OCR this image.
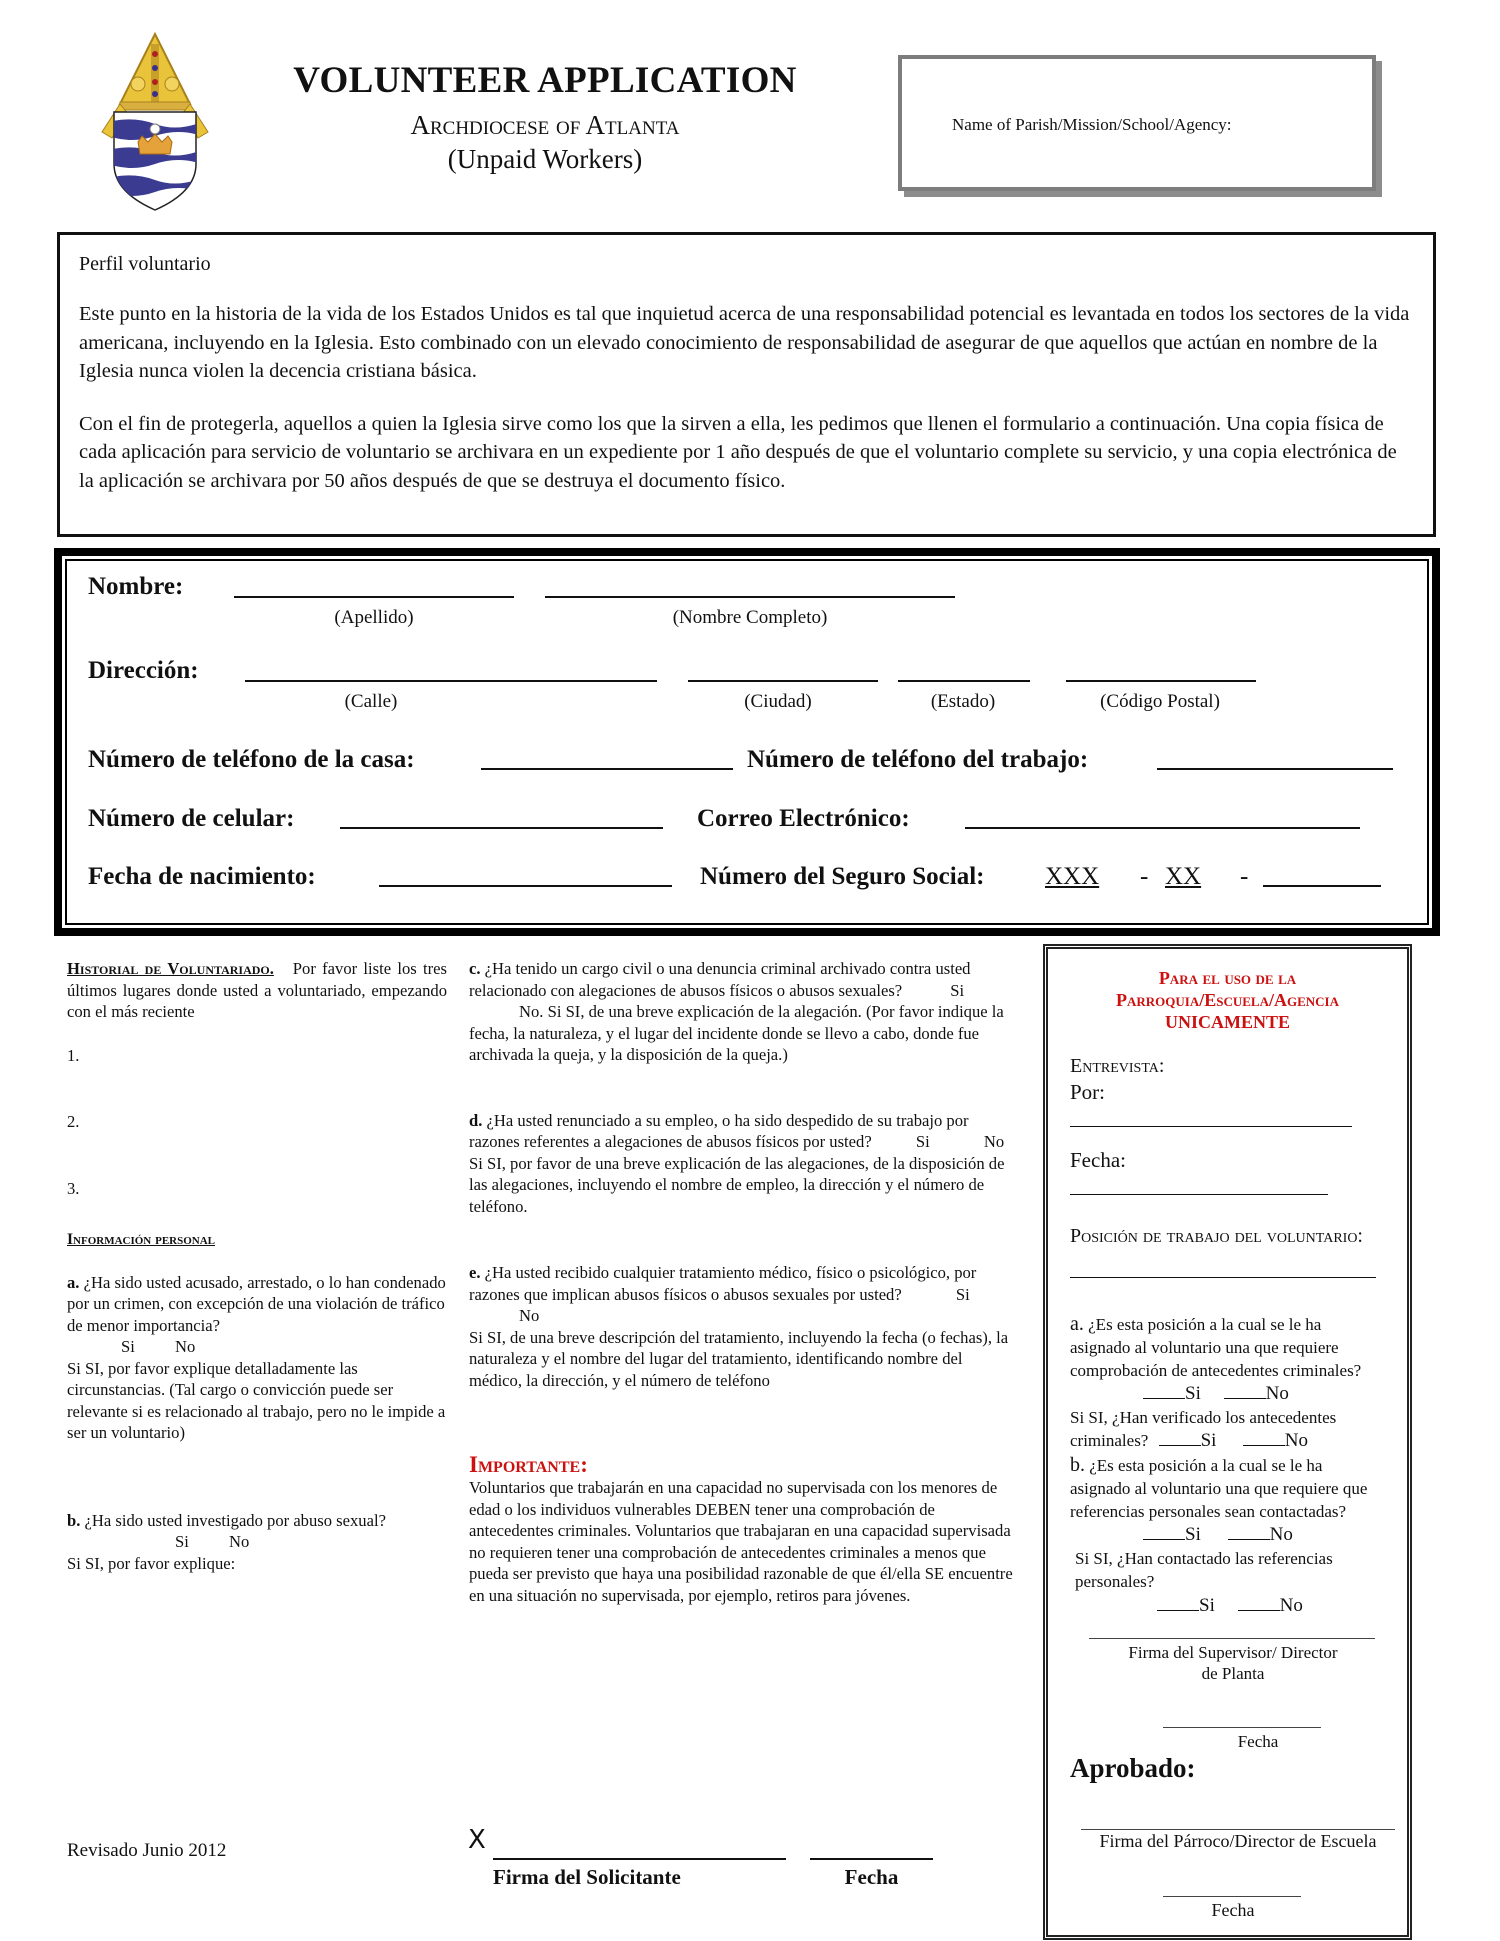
VOLUNTEER APPLICATION
Archdiocese of Atlanta
(Unpaid Workers)
Name of Parish/Mission/School/Agency:
Perfil voluntario

Este punto en la historia de la vida de los Estados Unidos es tal que inquietud acerca de una responsabilidad potencial es levantada en todos los sectores de la vida americana, incluyendo en la Iglesia. Esto combinado con un elevado conocimiento de responsabilidad de asegurar de que aquellos que actúan en nombre de la Iglesia nunca violen la decencia cristiana básica.

Con el fin de protegerla, aquellos a quien la Iglesia sirve como los que la sirven a ella, les pedimos que llenen el formulario a continuación. Una copia física de cada aplicación para servicio de voluntario se archivara en un expediente por 1 año después de que el voluntario complete su servicio, y una copia electrónica de la aplicación se archivara por 50 años después de que se destruya el documento físico.

Nombre:
(Apellido)	(Nombre Completo)
Dirección:
(Calle)	(Ciudad)	(Estado)	(Código Postal)
Número de teléfono de la casa:	Número de teléfono del trabajo:
Número de celular:	Correo Electrónico:
Fecha de nacimiento:	Número del Seguro Social: XXX - XX -
Historial de Voluntariado. Por favor liste los tres últimos lugares donde usted a voluntariado, empezando con el más reciente
1.
2.
3.
Información personal
a. ¿Ha sido usted acusado, arrestado, o lo han condenado por un crimen, con excepción de una violación de tráfico de menor importancia?
Si No
Si SI, por favor explique detalladamente las circunstancias. (Tal cargo o convicción puede ser relevante si es relacionado al trabajo, pero no le impide a ser un voluntario)
b. ¿Ha sido usted investigado por abuso sexual?
Si No
Si SI, por favor explique:
c. ¿Ha tenido un cargo civil o una denuncia criminal archivado contra usted relacionado con alegaciones de abusos físicos o abusos sexuales?	Si No. Si SI, de una breve explicación de la alegación. (Por favor indique la fecha, la naturaleza, y el lugar del incidente donde se llevo a cabo, donde fue archivada la queja, y la disposición de la queja.)
d. ¿Ha usted renunciado a su empleo, o ha sido despedido de su trabajo por razones referentes a alegaciones de abusos físicos por usted?	Si	No
Si SI, por favor de una breve explicación de las alegaciones, de la disposición de las alegaciones, incluyendo el nombre de empleo, la dirección y el número de teléfono.
e. ¿Ha usted recibido cualquier tratamiento médico, físico o psicológico, por razones que implican abusos físicos o abusos sexuales por usted?	Si No
Si SI, de una breve descripción del tratamiento, incluyendo la fecha (o fechas), la naturaleza y el nombre del lugar del tratamiento, identificando nombre del médico, la dirección, y el número de teléfono
Importante:
Voluntarios que trabajarán en una capacidad no supervisada con los menores de edad o los individuos vulnerables DEBEN tener una comprobación de antecedentes criminales. Voluntarios que trabajaran en una capacidad supervisada no requieren tener una comprobación de antecedentes criminales a menos que pueda ser previsto que haya una posibilidad razonable de que él/ella SE encuentre en una situación no supervisada, por ejemplo, retiros para jóvenes.
Para el uso de la
Parroquia/Escuela/Agencia
UNICAMENTE
Entrevista:
Por:
Fecha:
Posición de trabajo del voluntario:
a. ¿Es esta posición a la cual se le ha asignado al voluntario una que requiere comprobación de antecedentes criminales?
Si	No
Si SI, ¿Han verificado los antecedentes criminales?	Si	No
b. ¿Es esta posición a la cual se le ha asignado al voluntario una que requiere que referencias personales sean contactadas?
Si	No
Si SI, ¿Han contactado las referencias personales?
Si	No
Firma del Supervisor/ Director de Planta
Fecha
Aprobado:
Firma del Párroco/Director de Escuela
Fecha
Revisado Junio 2012	X
Firma del Solicitante	Fecha
